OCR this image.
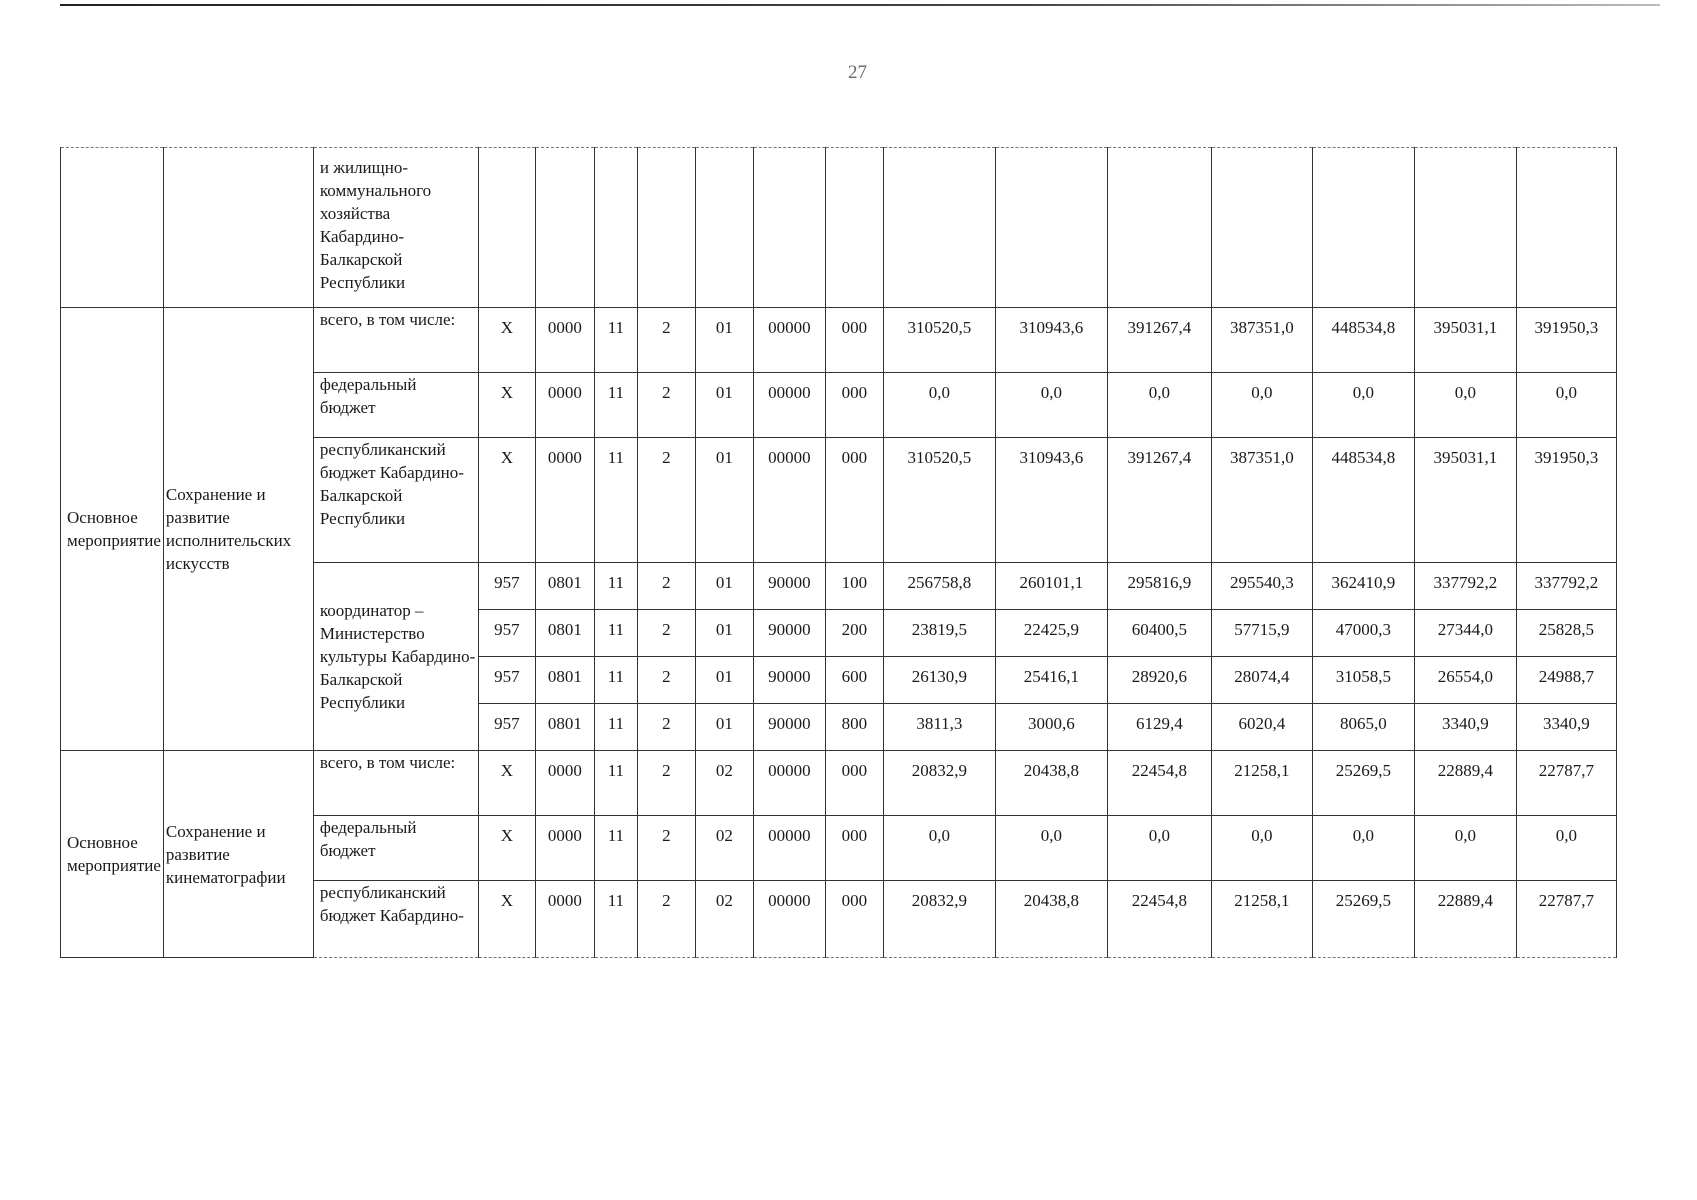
27
		и жилищно-коммунального хозяйства Кабардино-Балкарской Республики														
Основное мероприятие	Сохранение и развитие исполнительских искусств	всего, в том числе:	Х	0000	11	2	01	00000	000	310520,5	310943,6	391267,4	387351,0	448534,8	395031,1	391950,3
		федеральный бюджет	Х	0000	11	2	01	00000	000	0,0	0,0	0,0	0,0	0,0	0,0	0,0
		республиканский бюджет Кабардино-Балкарской Республики	Х	0000	11	2	01	00000	000	310520,5	310943,6	391267,4	387351,0	448534,8	395031,1	391950,3
		координатор – Министерство культуры Кабардино-Балкарской Республики	957	0801	11	2	01	90000	100	256758,8	260101,1	295816,9	295540,3	362410,9	337792,2	337792,2
			957	0801	11	2	01	90000	200	23819,5	22425,9	60400,5	57715,9	47000,3	27344,0	25828,5
			957	0801	11	2	01	90000	600	26130,9	25416,1	28920,6	28074,4	31058,5	26554,0	24988,7
			957	0801	11	2	01	90000	800	3811,3	3000,6	6129,4	6020,4	8065,0	3340,9	3340,9
Основное мероприятие	Сохранение и развитие кинематографии	всего, в том числе:	Х	0000	11	2	02	00000	000	20832,9	20438,8	22454,8	21258,1	25269,5	22889,4	22787,7
		федеральный бюджет	Х	0000	11	2	02	00000	000	0,0	0,0	0,0	0,0	0,0	0,0	0,0
		республиканский бюджет Кабардино-	Х	0000	11	2	02	00000	000	20832,9	20438,8	22454,8	21258,1	25269,5	22889,4	22787,7
